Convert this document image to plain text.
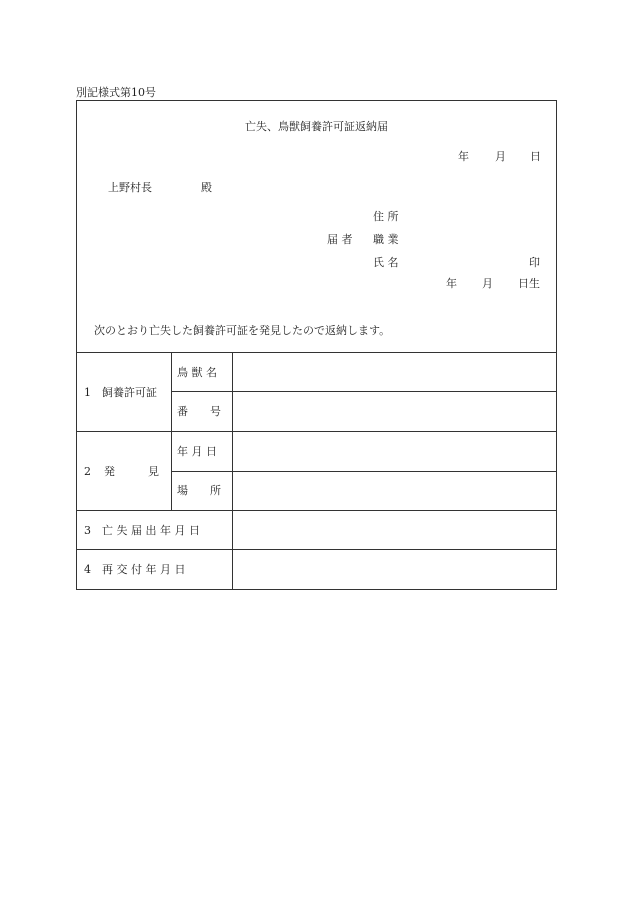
別記様式第10号
亡失、鳥獣飼養許可証返納届
年 月 日
上野村長	殿
住 所
届 者 職 業
氏 名	印
年 月 日生
次のとおり亡失した飼養許可証を発見したので返納します。
1　飼養許可証
鳥 獣 名
番　　号
2 発　　　見
年 月 日
場　　所
3　亡 失 届 出 年 月 日
4　再 交 付 年 月 日
